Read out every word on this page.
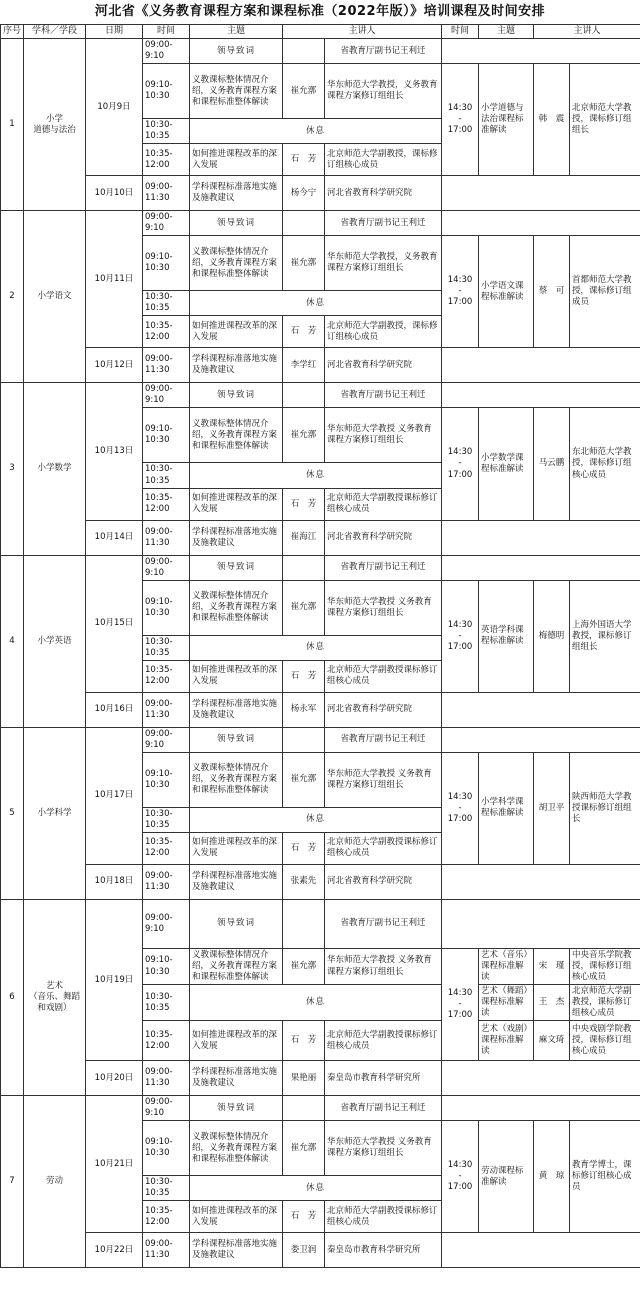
河北省《义务教育课程方案和课程标准（2022年版）》培训课程及时间安排
序号	学科／学段	日期	时间	主题	主讲人		时间	主题	主讲人	
1	小学
道德与法治	10月9日	09:00-
9:10	领导致词		省教育厅副书记王利迁				
			09:10-
10:30	义教课标整体情况介绍，义务教育课程方案和课程标准整体解读	崔允漷	华东师范大学教授，义务教育课程方案修订组组长	14:30
-
17:00	小学道德与法治课程标准解读	韩　震	北京师范大学教授，课标修订组组长
			10:30-
10:35	休息						
			10:35-
12:00	如何推进课程改革的深入发展	石　芳	北京师范大学副教授，课标修订组核心成员				
		10月10日	09:00-
11:30	学科课程标准落地实施及施教建议	杨今宁	河北省教育科学研究院				
2	小学语文	10月11日	09:00-
9:10	领导致词		省教育厅副书记王利迁				
			09:10-
10:30	义教课标整体情况介绍，义务教育课程方案和课程标准整体解读	崔允漷	华东师范大学教授，义务教育课程方案修订组组长	14:30
-
17:00	小学语文课程标准解读	蔡　可	首都师范大学教授，课标修订组成员
			10:30-
10:35	休息						
			10:35-
12:00	如何推进课程改革的深入发展	石　芳	北京师范大学副教授，课标修订组核心成员				
		10月12日	09:00-
11:30	学科课程标准落地实施及施教建议	李学红	河北省教育科学研究院				
3	小学数学	10月13日	09:00-
9:10	领导致词		省教育厅副书记王利迁				
			09:10-
10:30	义教课标整体情况介绍，义务教育课程方案和课程标准整体解读	崔允漷	华东师范大学教授 义务教育课程方案修订组组长	14:30
-
17:00	小学数学课程标准解读	马云鹏	东北师范大学教授，课标修订组核心成员
			10:30-
10:35	休息						
			10:35-
12:00	如何推进课程改革的深入发展	石　芳	北京师范大学副教授课标修订组核心成员				
		10月14日	09:00-
11:30	学科课程标准落地实施及施教建议	崔海江	河北省教育科学研究院				
4	小学英语	10月15日	09:00-
9:10	领导致词		省教育厅副书记王利迁				
			09:10-
10:30	义教课标整体情况介绍，义务教育课程方案和课程标准整体解读	崔允漷	华东师范大学教授 义务教育课程方案修订组组长	14:30
-
17:00	英语学科课程标准解读	梅德明	上海外国语大学教授，课标修订组组长
			10:30-
10:35	休息						
			10:35-
12:00	如何推进课程改革的深入发展	石　芳	北京师范大学副教授课标修订组核心成员				
		10月16日	09:00-
11:30	学科课程标准落地实施及施教建议	杨永军	河北省教育科学研究院				
5	小学科学	10月17日	09:00-
9:10	领导致词		省教育厅副书记王利迁				
			09:10-
10:30	义教课标整体情况介绍，义务教育课程方案和课程标准整体解读	崔允漷	华东师范大学教授 义务教育课程方案修订组组长	14:30
-
17:00	小学科学课程标准解读	胡卫平	陕西师范大学教授课标修订组组长
			10:30-
10:35	休息						
			10:35-
12:00	如何推进课程改革的深入发展	石　芳	北京师范大学副教授课标修订组核心成员				
		10月18日	09:00-
11:30	学科课程标准落地实施及施教建议	张素先	河北省教育科学研究院				
6	艺术
（音乐、舞蹈 和戏剧）	10月19日	09:00-
9:10	领导致词		省教育厅副书记王利迁				
			09:10-
10:30	义教课标整体情况介绍，义务教育课程方案和课程标准整体解读	崔允漷	华东师范大学教授 义务教育课程方案修订组组长	14:30
-
17:00	艺术（音乐）课程标准解读	宋　瑾	中央音乐学院教授，课标修订组核心成员
			10:30-
10:35	休息				艺术（舞蹈）课程标准解读	王　杰	北京师范大学副教授，课标修订组核心成员
			10:35-
12:00	如何推进课程改革的深入发展	石　芳	北京师范大学副教授课标修订组核心成员		艺术（戏剧）课程标准解读	麻文琦	中央戏剧学院教授，课标修订组核心成员
		10月20日	09:00-
11:30	学科课程标准落地实施及施教建议	果艳丽	秦皇岛市教育科学研究所				
7	劳动	10月21日	09:00-
9:10	领导致词		省教育厅副书记王利迁				
			09:10-
10:30	义教课标整体情况介绍，义务教育课程方案和课程标准整体解读	崔允漷	华东师范大学教授 义务教育课程方案修订组组长	14:30
-
17:00	劳动课程标准解读	黄　琼	教育学博士，课标修订组核心成员
			10:30-
10:35	休息						
			10:35-
12:00	如何推进课程改革的深入发展	石　芳	北京师范大学副教授课标修订组核心成员				
		10月22日	09:00-
11:30	学科课程标准落地实施及施教建议	娄卫润	秦皇岛市教育科学研究所				
